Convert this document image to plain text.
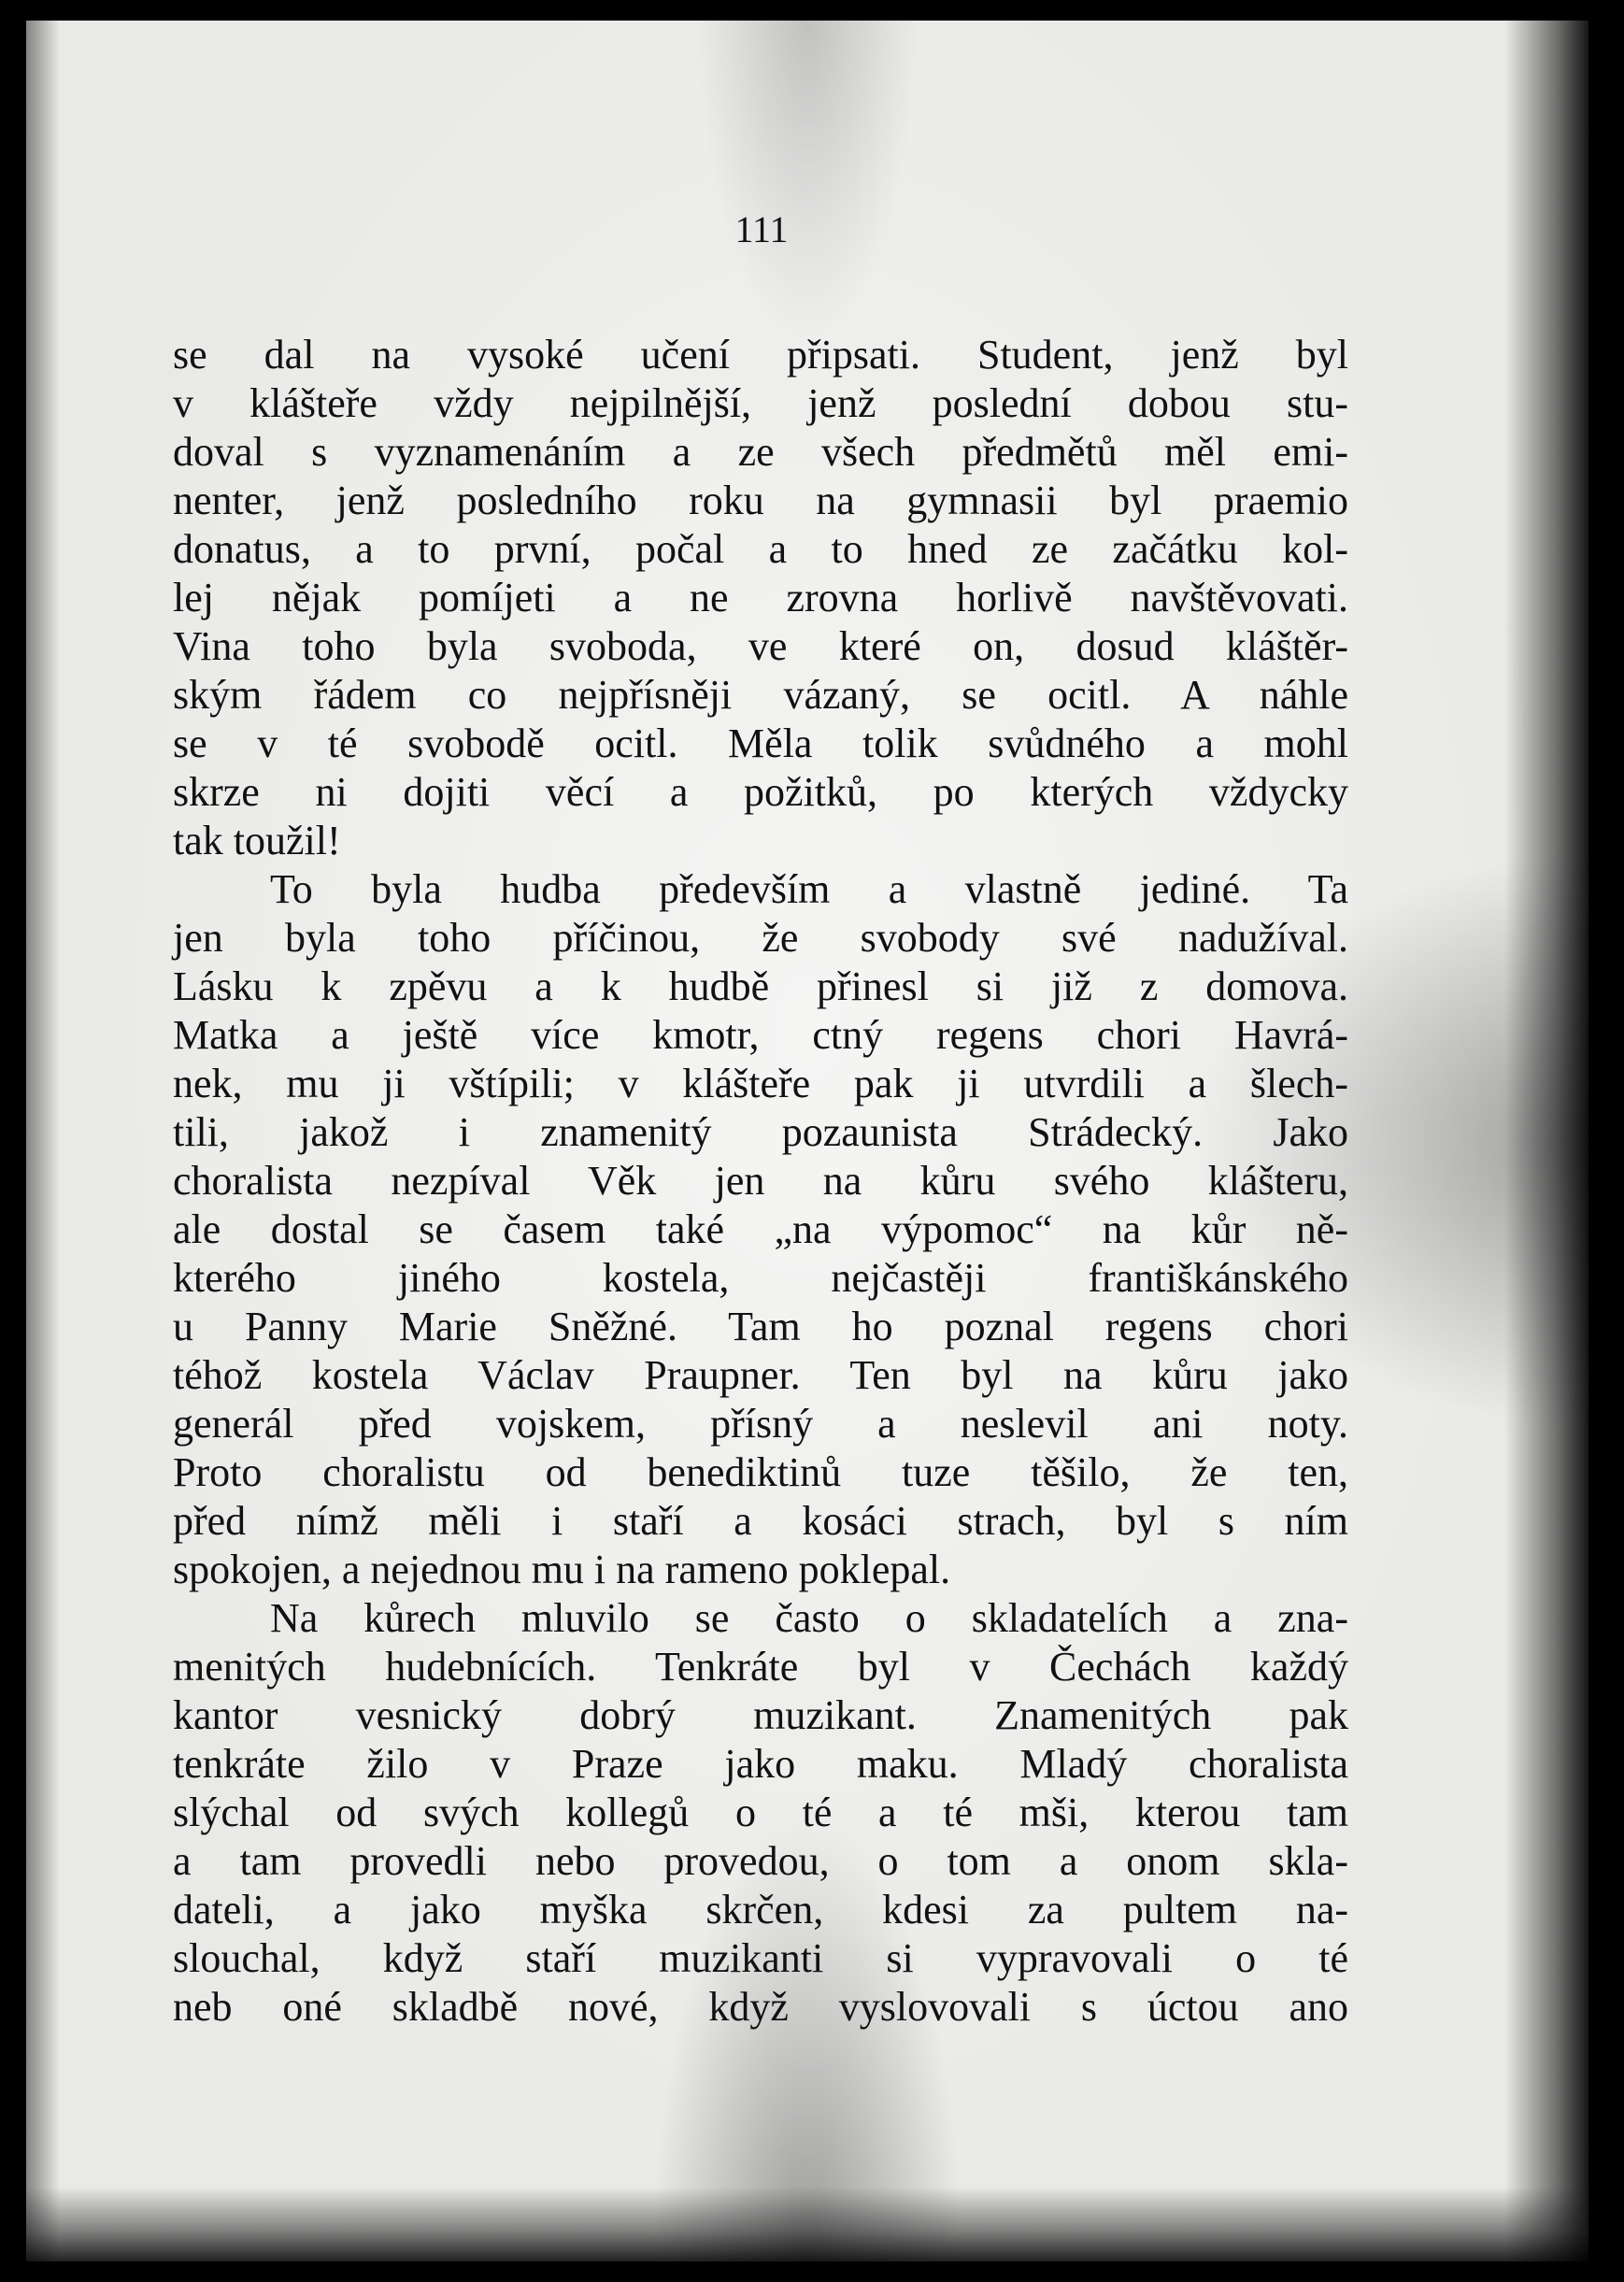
111
se dal na vysoké učení připsati. Student, jenž byl
v klášteře vždy nejpilnější, jenž poslední dobou stu-
doval s vyznamenáním a ze všech předmětů měl emi-
nenter, jenž posledního roku na gymnasii byl praemio
donatus, a to první, počal a to hned ze začátku kol-
lej nějak pomíjeti a ne zrovna horlivě navštěvovati.
Vina toho byla svoboda, ve které on, dosud kláštěr-
ským řádem co nejpřísněji vázaný, se ocitl. A náhle
se v té svobodě ocitl. Měla tolik svůdného a mohl
skrze ni dojiti věcí a požitků, po kterých vždycky
tak toužil!
To byla hudba především a vlastně jediné. Ta
jen byla toho příčinou, že svobody své nadužíval.
Lásku k zpěvu a k hudbě přinesl si již z domova.
Matka a ještě více kmotr, ctný regens chori Havrá-
nek, mu ji vštípili; v klášteře pak ji utvrdili a šlech-
tili, jakož i znamenitý pozaunista Strádecký. Jako
choralista nezpíval Věk jen na kůru svého klášteru,
ale dostal se časem také „na výpomoc“ na kůr ně-
kterého jiného kostela, nejčastěji františkánského
u Panny Marie Sněžné. Tam ho poznal regens chori
téhož kostela Václav Praupner. Ten byl na kůru jako
generál před vojskem, přísný a neslevil ani noty.
Proto choralistu od benediktinů tuze těšilo, že ten,
před nímž měli i staří a kosáci strach, byl s ním
spokojen, a nejednou mu i na rameno poklepal.
Na kůrech mluvilo se často o skladatelích a zna-
menitých hudebnících. Tenkráte byl v Čechách každý
kantor vesnický dobrý muzikant. Znamenitých pak
tenkráte žilo v Praze jako maku. Mladý choralista
slýchal od svých kollegů o té a té mši, kterou tam
a tam provedli nebo provedou, o tom a onom skla-
dateli, a jako myška skrčen, kdesi za pultem na-
slouchal, když staří muzikanti si vypravovali o té
neb oné skladbě nové, když vyslovovali s úctou ano
